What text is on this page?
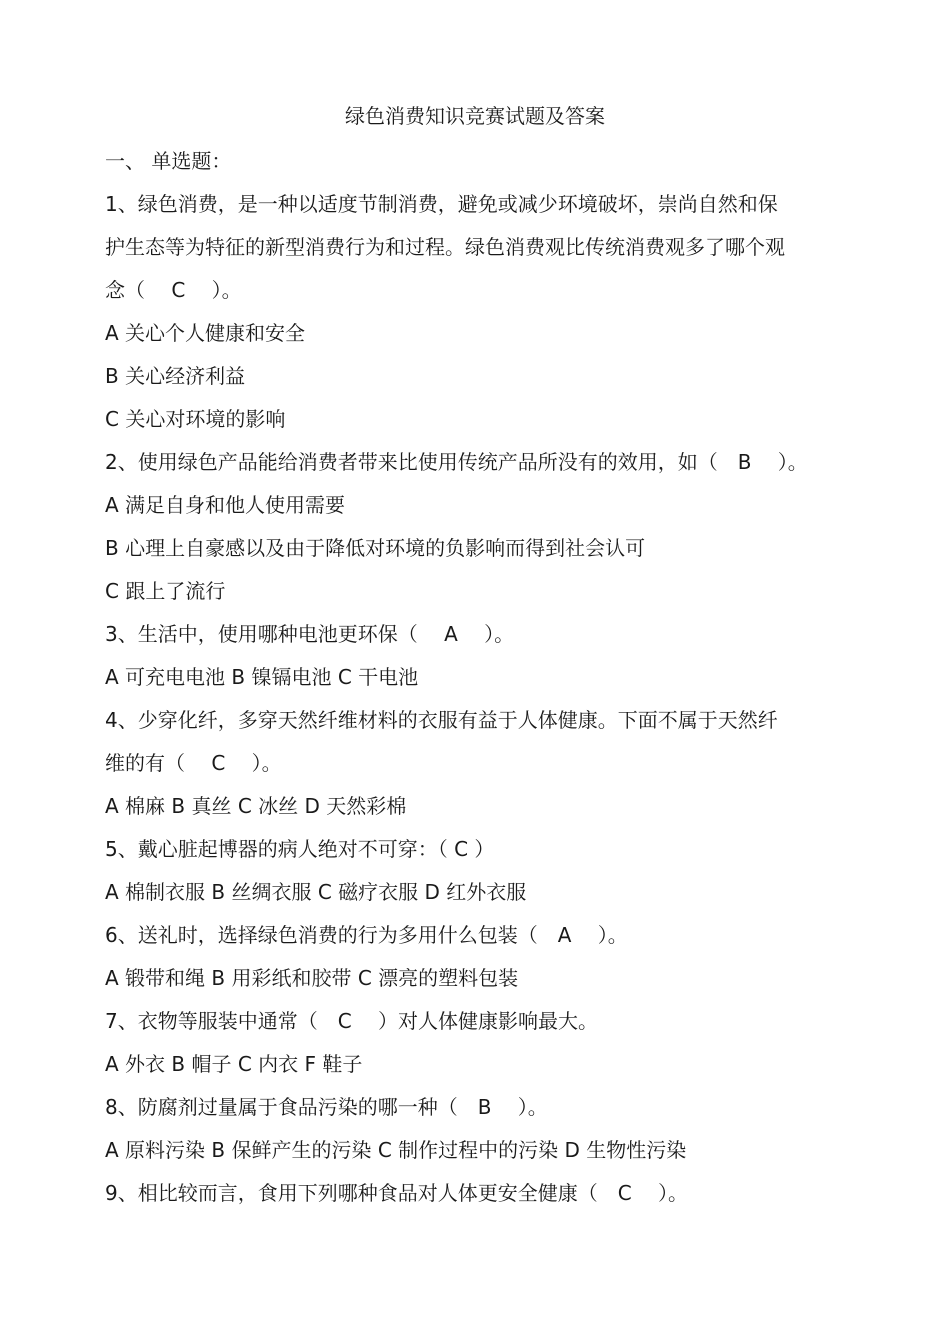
绿色消费知识竞赛试题及答案
一、 单选题：
1、绿色消费，是一种以适度节制消费，避免或减少环境破坏，崇尚自然和保
护生态等为特征的新型消费行为和过程。绿色消费观比传统消费观多了哪个观
念（　 C　 ）。
A 关心个人健康和安全
B 关心经济利益
C 关心对环境的影响
2、使用绿色产品能给消费者带来比使用传统产品所没有的效用，如（　B　 ）。
A 满足自身和他人使用需要
B 心理上自豪感以及由于降低对环境的负影响而得到社会认可
C 跟上了流行
3、生活中，使用哪种电池更环保（　 A　 ）。
A 可充电电池 B 镍镉电池 C 干电池
4、少穿化纤，多穿天然纤维材料的衣服有益于人体健康。下面不属于天然纤
维的有（　 C　 ）。
A 棉麻 B 真丝 C 冰丝 D 天然彩棉
5、戴心脏起博器的病人绝对不可穿：（ C ）
A 棉制衣服 B 丝绸衣服 C 磁疗衣服 D 红外衣服
6、送礼时，选择绿色消费的行为多用什么包装（　A　 ）。
A 锻带和绳 B 用彩纸和胶带 C 漂亮的塑料包装
7、衣物等服装中通常（　C　 ）对人体健康影响最大。
A 外衣 B 帽子 C 内衣 F 鞋子
8、防腐剂过量属于食品污染的哪一种（　B　 ）。
A 原料污染 B 保鲜产生的污染 C 制作过程中的污染 D 生物性污染
9、相比较而言，食用下列哪种食品对人体更安全健康（　C　 ）。
